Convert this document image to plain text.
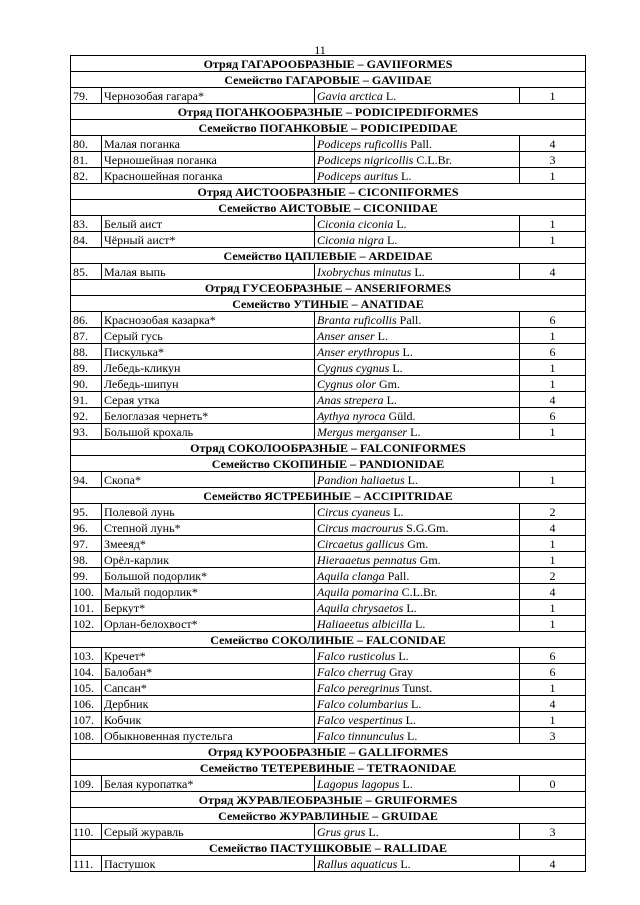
11
Отряд ГАГАРООБРАЗНЫЕ – GAVIIFORMES			
Семейство ГАГАРОВЫЕ – GAVIIDAE			
79.	Чернозобая гагара*	Gavia arctica L.	1
Отряд ПОГАНКООБРАЗНЫЕ – PODICIPEDIFORMES			
Семейство ПОГАНКОВЫЕ – PODICIPEDIDAE			
80.	Малая поганка	Podiceps ruficollis Pall.	4
81.	Черношейная поганка	Podiceps nigricollis C.L.Br.	3
82.	Красношейная поганка	Podiceps auritus L.	1
Отряд АИСТООБРАЗНЫЕ – CICONIIFORMES			
Семейство АИСТОВЫЕ – CICONIIDAE			
83.	Белый аист	Ciconia ciconia L.	1
84.	Чёрный аист*	Ciconia nigra L.	1
Семейство ЦАПЛЕВЫЕ – ARDEIDAE			
85.	Малая выпь	Ixobrychus minutus L.	4
Отряд ГУСЕОБРАЗНЫЕ – ANSERIFORMES			
Семейство УТИНЫЕ – ANATIDAE			
86.	Краснозобая казарка*	Branta ruficollis Pall.	6
87.	Серый гусь	Anser anser L.	1
88.	Пискулька*	Anser erythropus L.	6
89.	Лебедь-кликун	Cygnus cygnus L.	1
90.	Лебедь-шипун	Cygnus olor Gm.	1
91.	Серая утка	Anas strepera L.	4
92.	Белоглазая чернеть*	Aythya nyroca Güld.	6
93.	Большой крохаль	Mergus merganser L.	1
Отряд СОКОЛООБРАЗНЫЕ – FALCONIFORMES			
Семейство СКОПИНЫЕ – PANDIONIDAE			
94.	Скопа*	Pandion haliaetus L.	1
Семейство ЯСТРЕБИНЫЕ – ACCIPITRIDAE			
95.	Полевой лунь	Circus cyaneus L.	2
96.	Степной лунь*	Circus macrourus S.G.Gm.	4
97.	Змееяд*	Circaetus gallicus Gm.	1
98.	Орёл-карлик	Hieraaetus pennatus Gm.	1
99.	Большой подорлик*	Aquila clanga Pall.	2
100.	Малый подорлик*	Aquila pomarina C.L.Br.	4
101.	Беркут*	Aquila chrysaetos L.	1
102.	Орлан-белохвост*	Haliaeetus albicilla L.	1
Семейство СОКОЛИНЫЕ – FALCONIDAE			
103.	Кречет*	Falco rusticolus L.	6
104.	Балобан*	Falco cherrug Gray	6
105.	Сапсан*	Falco peregrinus Tunst.	1
106.	Дербник	Falco columbarius L.	4
107.	Кобчик	Falco vespertinus L.	1
108.	Обыкновенная пустельга	Falco tinnunculus L.	3
Отряд КУРООБРАЗНЫЕ – GALLIFORMES			
Семейство ТЕТЕРЕВИНЫЕ – TETRAONIDAE			
109.	Белая куропатка*	Lagopus lagopus L.	0
Отряд ЖУРАВЛЕОБРАЗНЫЕ – GRUIFORMES			
Семейство ЖУРАВЛИНЫЕ – GRUIDAE			
110.	Серый журавль	Grus grus L.	3
Семейство ПАСТУШКОВЫЕ – RALLIDAE			
111.	Пастушок	Rallus aquaticus L.	4
